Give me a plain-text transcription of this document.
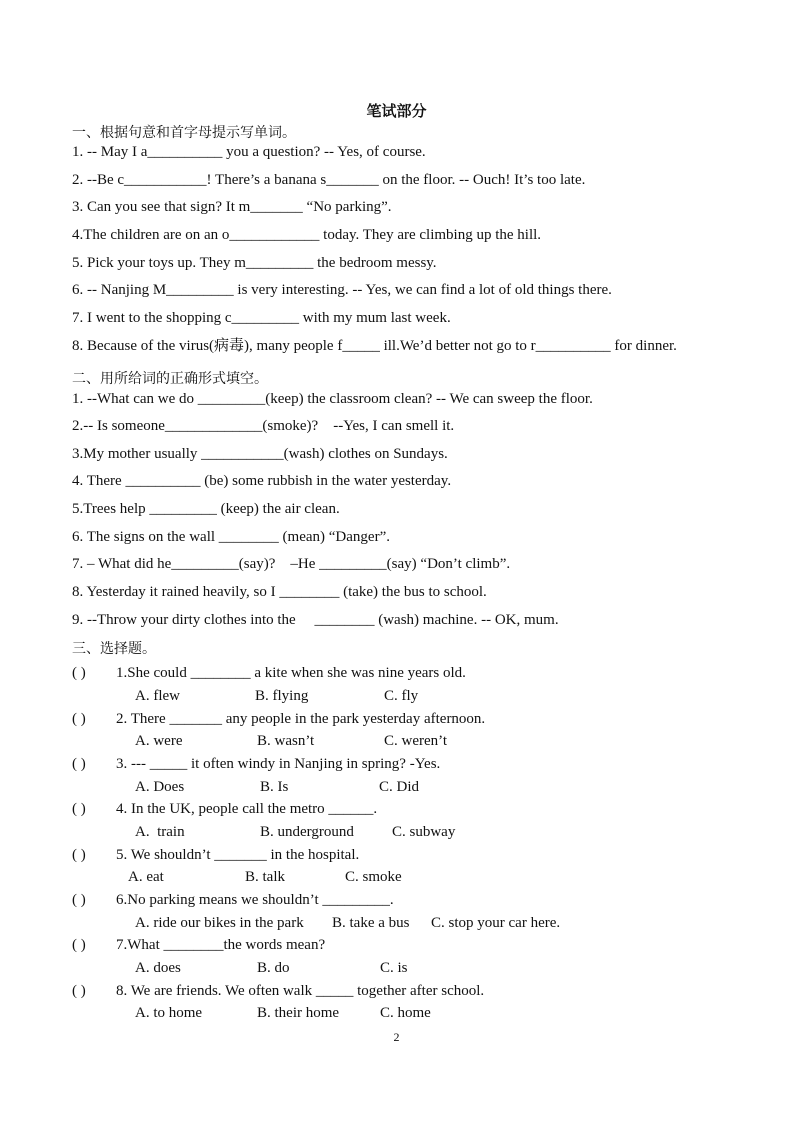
笔试部分
一、根据句意和首字母提示写单词。
1. -- May I a__________ you a question? -- Yes, of course.
2. --Be c___________! There’s a banana s_______ on the floor. -- Ouch! It’s too late.
3. Can you see that sign? It m_______ “No parking”.
4.The children are on an o____________ today. They are climbing up the hill.
5. Pick your toys up. They m_________ the bedroom messy.
6. -- Nanjing M_________ is very interesting. -- Yes, we can find a lot of old things there.
7. I went to the shopping c_________ with my mum last week.
8. Because of the virus(病毒), many people f_____ ill.We’d better not go to r__________ for dinner.
二、用所给词的正确形式填空。
1. --What can we do _________(keep) the classroom clean? -- We can sweep the floor.
2.-- Is someone_____________(smoke)?    --Yes, I can smell it.
3.My mother usually ___________(wash) clothes on Sundays.
4. There __________ (be) some rubbish in the water yesterday.
5.Trees help _________ (keep) the air clean.
6. The signs on the wall ________ (mean) “Danger”.
7. – What did he_________(say)?    –He _________(say) “Don’t climb”.
8. Yesterday it rained heavily, so I ________ (take) the bus to school.
9. --Throw your dirty clothes into the     ________ (wash) machine. -- OK, mum.
三、选择题。
( ) 1.She could ________ a kite when she was nine years old.
A. flew	B. flying	C. fly
( ) 2. There _______ any people in the park yesterday afternoon.
A. were	B. wasn’t	C. weren’t
( ) 3. --- _____ it often windy in Nanjing in spring? -Yes.
A. Does	B. Is	C. Did
( ) 4. In the UK, people call the metro ______.
A.  train	B. underground	C. subway
( ) 5. We shouldn’t _______ in the hospital.
A. eat	B. talk	C. smoke
( ) 6.No parking means we shouldn’t _________.
A. ride our bikes in the park B. take a bus C. stop your car here.
( ) 7.What ________the words mean?
A. does	B. do	C. is
( ) 8. We are friends. We often walk _____ together after school.
A. to home	B. their home	C. home
2
